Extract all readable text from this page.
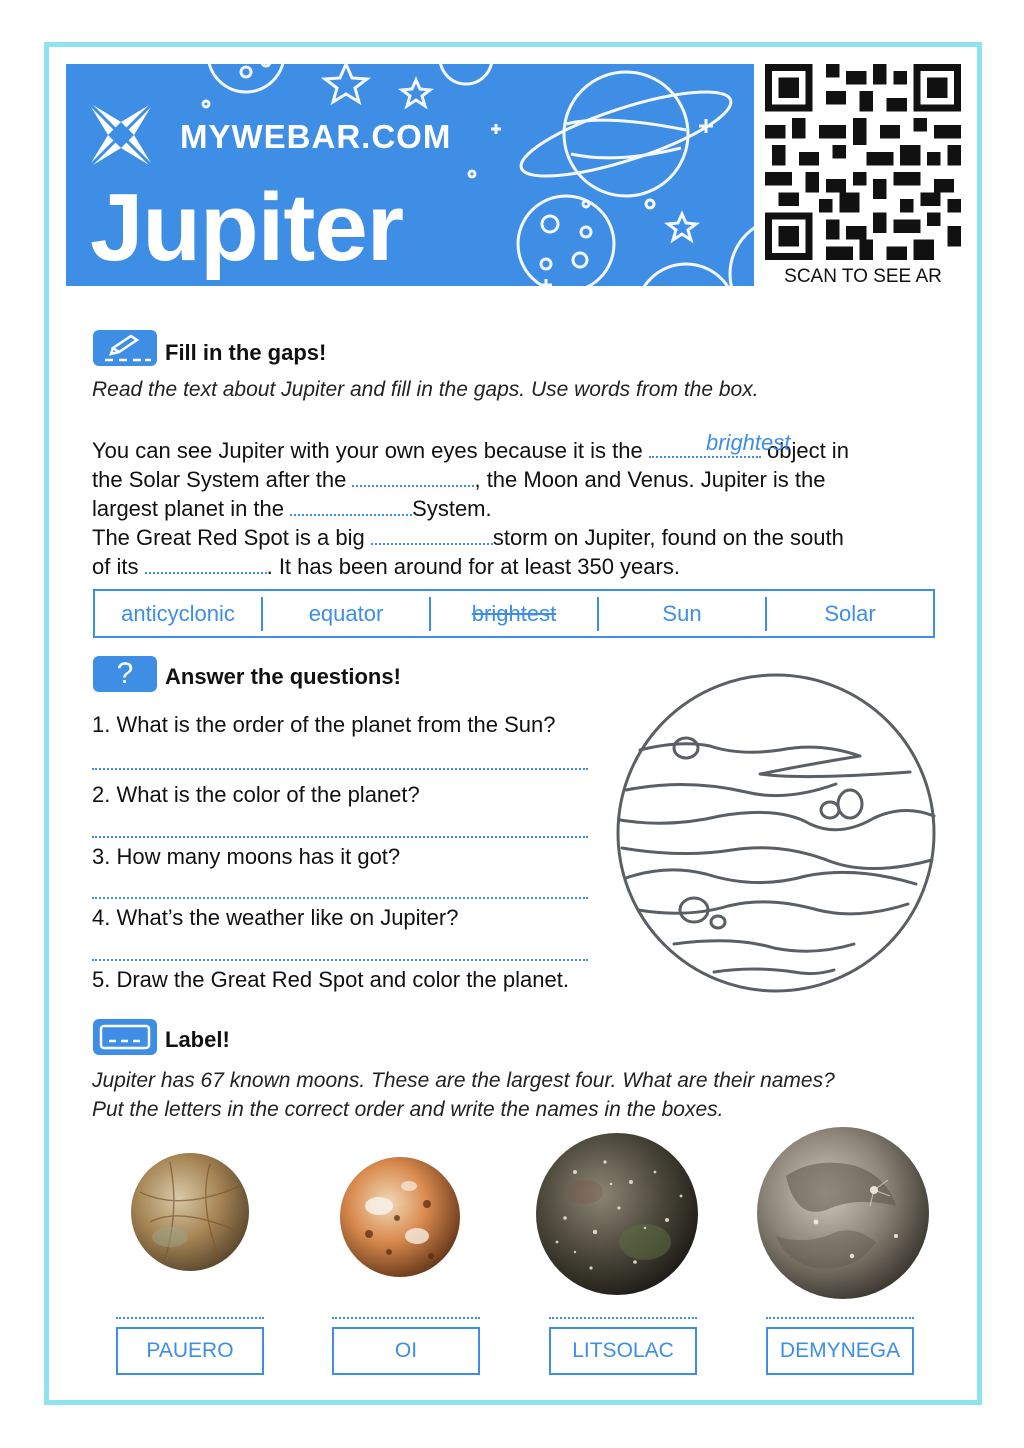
MYWEBAR.COM
Jupiter	SCAN TO SEE AR
Fill in the gaps!
Read the text about Jupiter and fill in the gaps. Use words from the box.
You can see Jupiter with your own eyes because it is the	object in
brightest
the Solar System after the	, the Moon and Venus. Jupiter is the
largest planet in the	System.
The Great Red Spot is a big	storm on Jupiter, found on the south
of its	. It has been around for at least 350 years.
anticyclonic	equator	brightest	Sun	Solar
?	Answer the questions!
1. What is the order of the planet from the Sun?
2. What is the color of the planet?
3. How many moons has it got?
4. What’s the weather like on Jupiter?
5. Draw the Great Red Spot and color the planet.
Label!
Jupiter has 67 known moons. These are the largest four. What are their names?
Put the letters in the correct order and write the names in the boxes.
PAUERO	OI	LITSOLAC	DEMYNEGA
